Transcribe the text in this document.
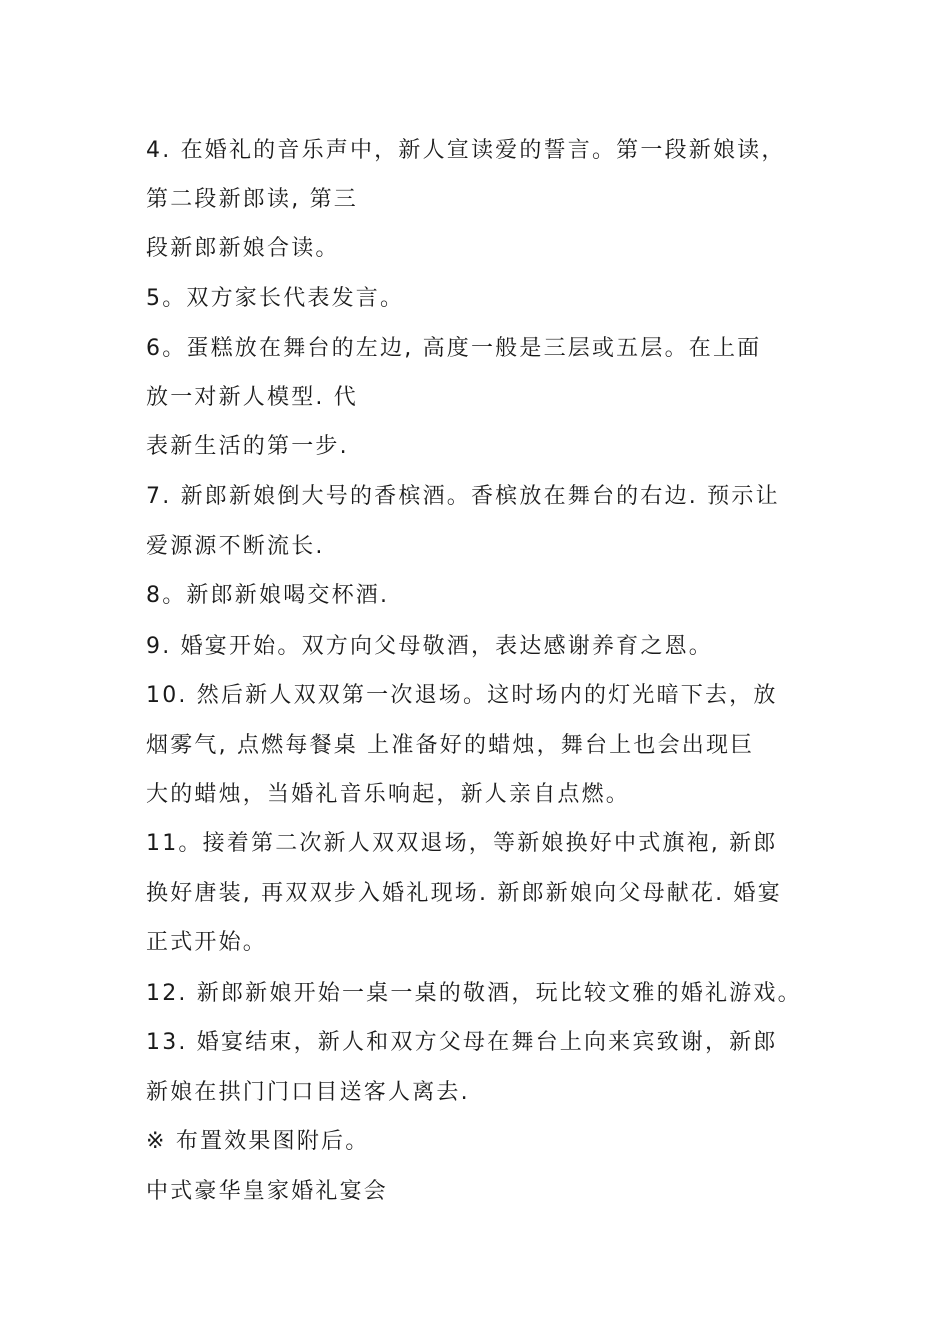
4. 在婚礼的音乐声中，新人宣读爱的誓言。第一段新娘读，
第二段新郎读, 第三
段新郎新娘合读。
5。双方家长代表发言。
6。蛋糕放在舞台的左边, 高度一般是三层或五层。在上面
放一对新人模型. 代
表新生活的第一步.
7. 新郎新娘倒大号的香槟酒。香槟放在舞台的右边. 预示让
爱源源不断流长.
8。新郎新娘喝交杯酒.
9. 婚宴开始。双方向父母敬酒，表达感谢养育之恩。
10. 然后新人双双第一次退场。这时场内的灯光暗下去，放
烟雾气, 点燃每餐桌 上准备好的蜡烛，舞台上也会出现巨
大的蜡烛，当婚礼音乐响起，新人亲自点燃。
11。接着第二次新人双双退场，等新娘换好中式旗袍, 新郎
换好唐装, 再双双步入婚礼现场. 新郎新娘向父母献花. 婚宴
正式开始。
12. 新郎新娘开始一桌一桌的敬酒，玩比较文雅的婚礼游戏。
13. 婚宴结束，新人和双方父母在舞台上向来宾致谢，新郎
新娘在拱门门口目送客人离去.
※ 布置效果图附后。
中式豪华皇家婚礼宴会
